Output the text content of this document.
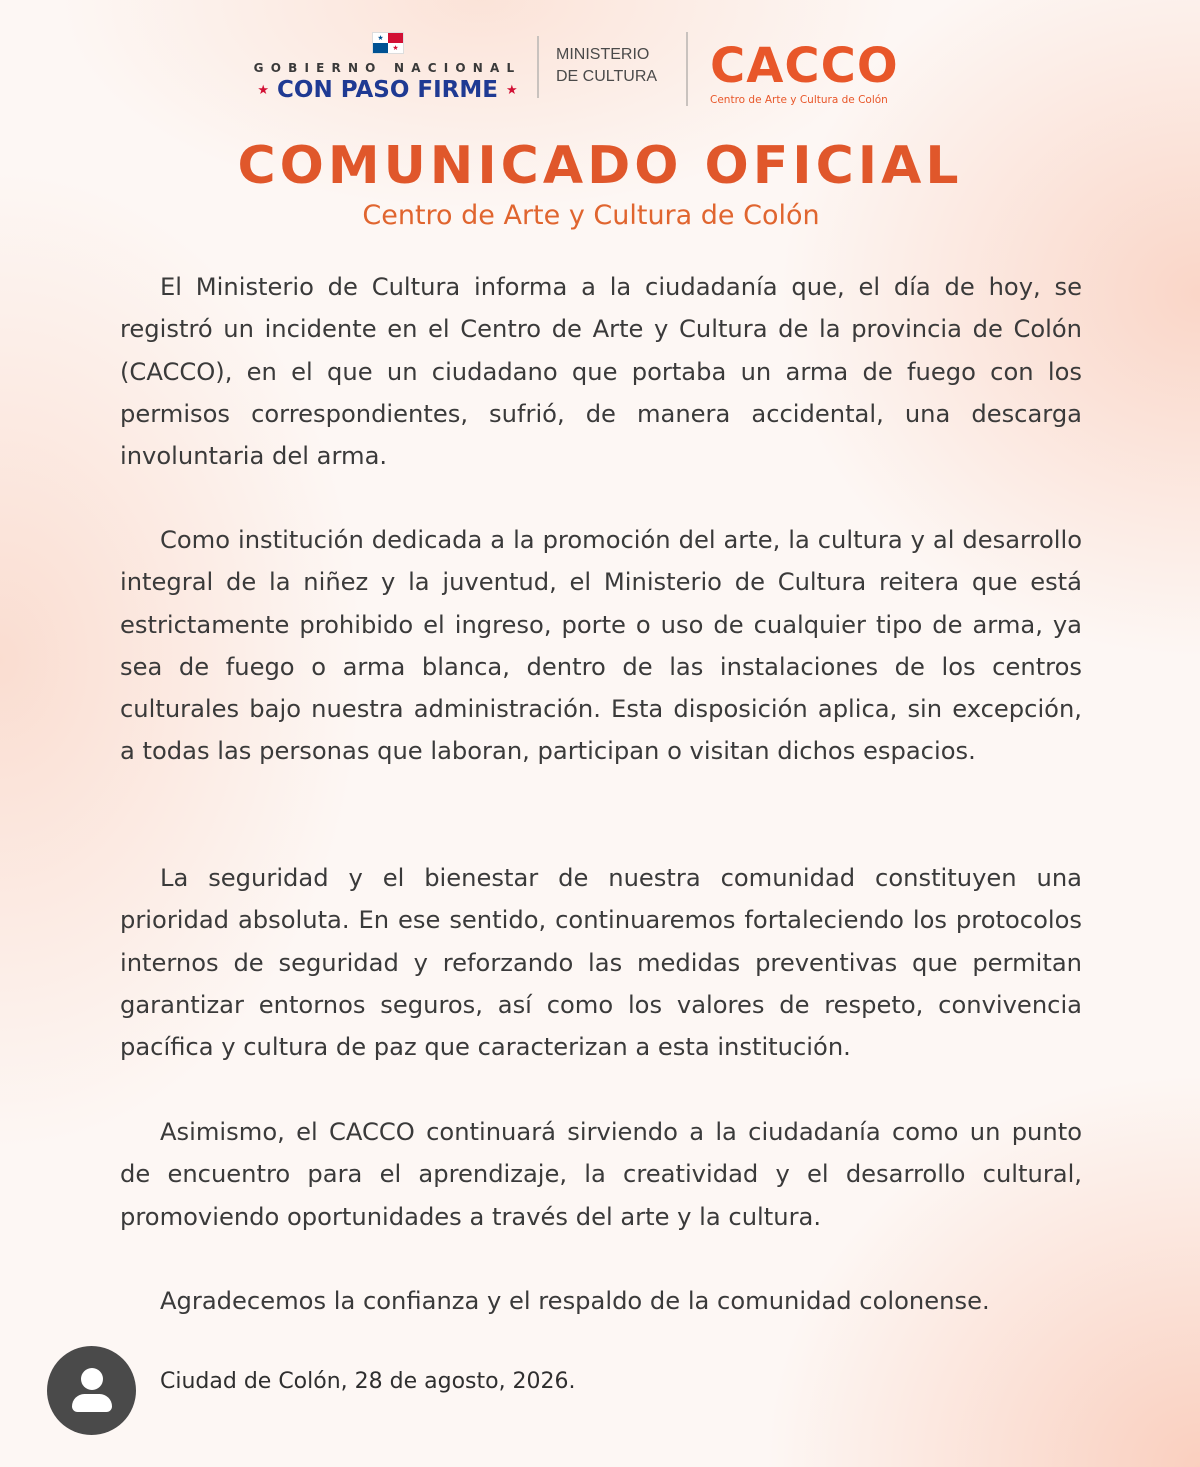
★
★
GOBIERNO NACIONAL
★ CON PASO FIRME ★
MINISTERIO
DE CULTURA CACCO
Centro de Arte y Cultura de Colón
COMUNICADO OFICIAL
Centro de Arte y Cultura de Colón

El Ministerio de Cultura informa a la ciudadanía que, el día de hoy, se registró un incidente en el Centro de Arte y Cultura de la provincia de Colón (CACCO), en el que un ciudadano que portaba un arma de fuego con los permisos correspondientes, sufrió, de manera accidental, una descarga involuntaria del arma.

Como institución dedicada a la promoción del arte, la cultura y al desarrollo integral de la niñez y la juventud, el Ministerio de Cultura reitera que está estrictamente prohibido el ingreso, porte o uso de cualquier tipo de arma, ya sea de fuego o arma blanca, dentro de las instalaciones de los centros culturales bajo nuestra administración. Esta disposición aplica, sin excepción, a todas las personas que laboran, participan o visitan dichos espacios.

La seguridad y el bienestar de nuestra comunidad constituyen una prioridad absoluta. En ese sentido, continuaremos fortaleciendo los protocolos internos de seguridad y reforzando las medidas preventivas que permitan garantizar entornos seguros, así como los valores de respeto, convivencia pacífica y cultura de paz que caracterizan a esta institución.

Asimismo, el CACCO continuará sirviendo a la ciudadanía como un punto de encuentro para el aprendizaje, la creatividad y el desarrollo cultural, promoviendo oportunidades a través del arte y la cultura.

Agradecemos la confianza y el respaldo de la comunidad colonense.

Ciudad de Colón, 28 de agosto, 2026.
